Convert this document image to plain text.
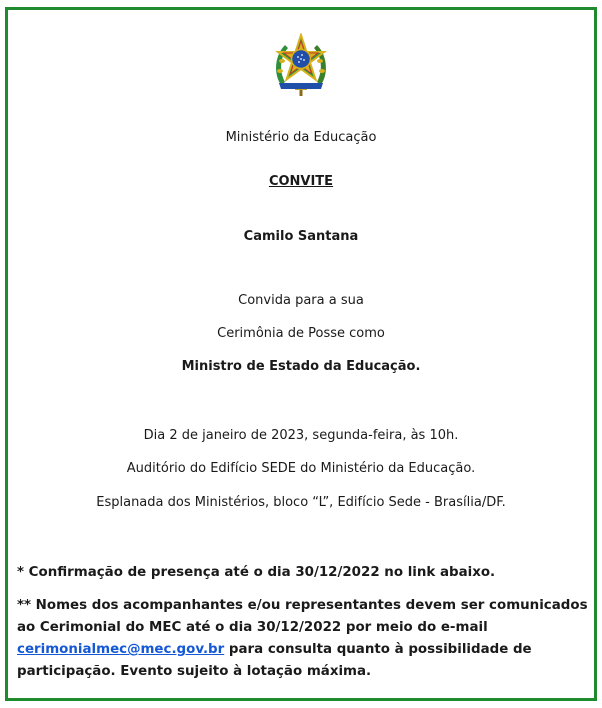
Ministério da Educação
CONVITE
Camilo Santana
Convida para a sua
Cerimônia de Posse como
Ministro de Estado da Educação.
Dia 2 de janeiro de 2023, segunda-feira, às 10h.
Auditório do Edifício SEDE do Ministério da Educação.
Esplanada dos Ministérios, bloco “L”, Edifício Sede - Brasília/DF.

* Confirmação de presença até o dia 30/12/2022 no link abaixo.

** Nomes dos acompanhantes e/ou representantes devem ser comunicados ao Cerimonial do MEC até o dia 30/12/2022 por meio do e-mail
cerimonialmec@mec.gov.br para consulta quanto à possibilidade de participação. Evento sujeito à lotação máxima.
